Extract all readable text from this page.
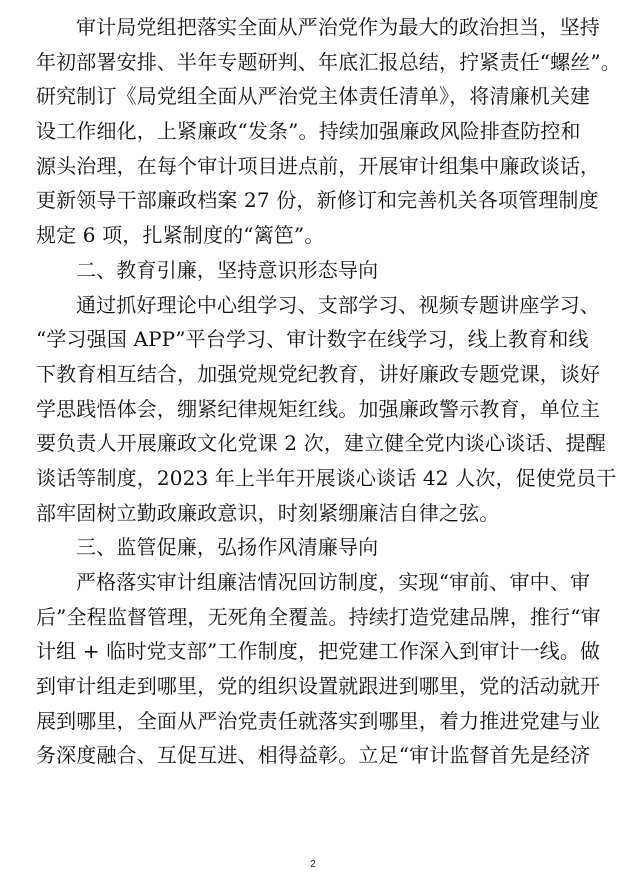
审计局党组把落实全面从严治党作为最大的政治担当，坚持
年初部署安排、半年专题研判、年底汇报总结，拧紧责任“螺丝”。
研究制订《局党组全面从严治党主体责任清单》，将清廉机关建
设工作细化，上紧廉政“发条”。持续加强廉政风险排查防控和
源头治理，在每个审计项目进点前，开展审计组集中廉政谈话，
更新领导干部廉政档案 27 份，新修订和完善机关各项管理制度
规定 6 项，扎紧制度的“篱笆”。
二、教育引廉，坚持意识形态导向
通过抓好理论中心组学习、支部学习、视频专题讲座学习、
“学习强国 APP”平台学习、审计数字在线学习，线上教育和线
下教育相互结合，加强党规党纪教育，讲好廉政专题党课，谈好
学思践悟体会，绷紧纪律规矩红线。加强廉政警示教育，单位主
要负责人开展廉政文化党课 2 次，建立健全党内谈心谈话、提醒
谈话等制度，2023 年上半年开展谈心谈话 42 人次，促使党员干
部牢固树立勤政廉政意识，时刻紧绷廉洁自律之弦。
三、监管促廉，弘扬作风清廉导向
严格落实审计组廉洁情况回访制度，实现“审前、审中、审
后”全程监督管理，无死角全覆盖。持续打造党建品牌，推行“审
计组 + 临时党支部”工作制度，把党建工作深入到审计一线。做
到审计组走到哪里，党的组织设置就跟进到哪里，党的活动就开
展到哪里，全面从严治党责任就落实到哪里，着力推进党建与业
务深度融合、互促互进、相得益彰。立足“审计监督首先是经济
2
